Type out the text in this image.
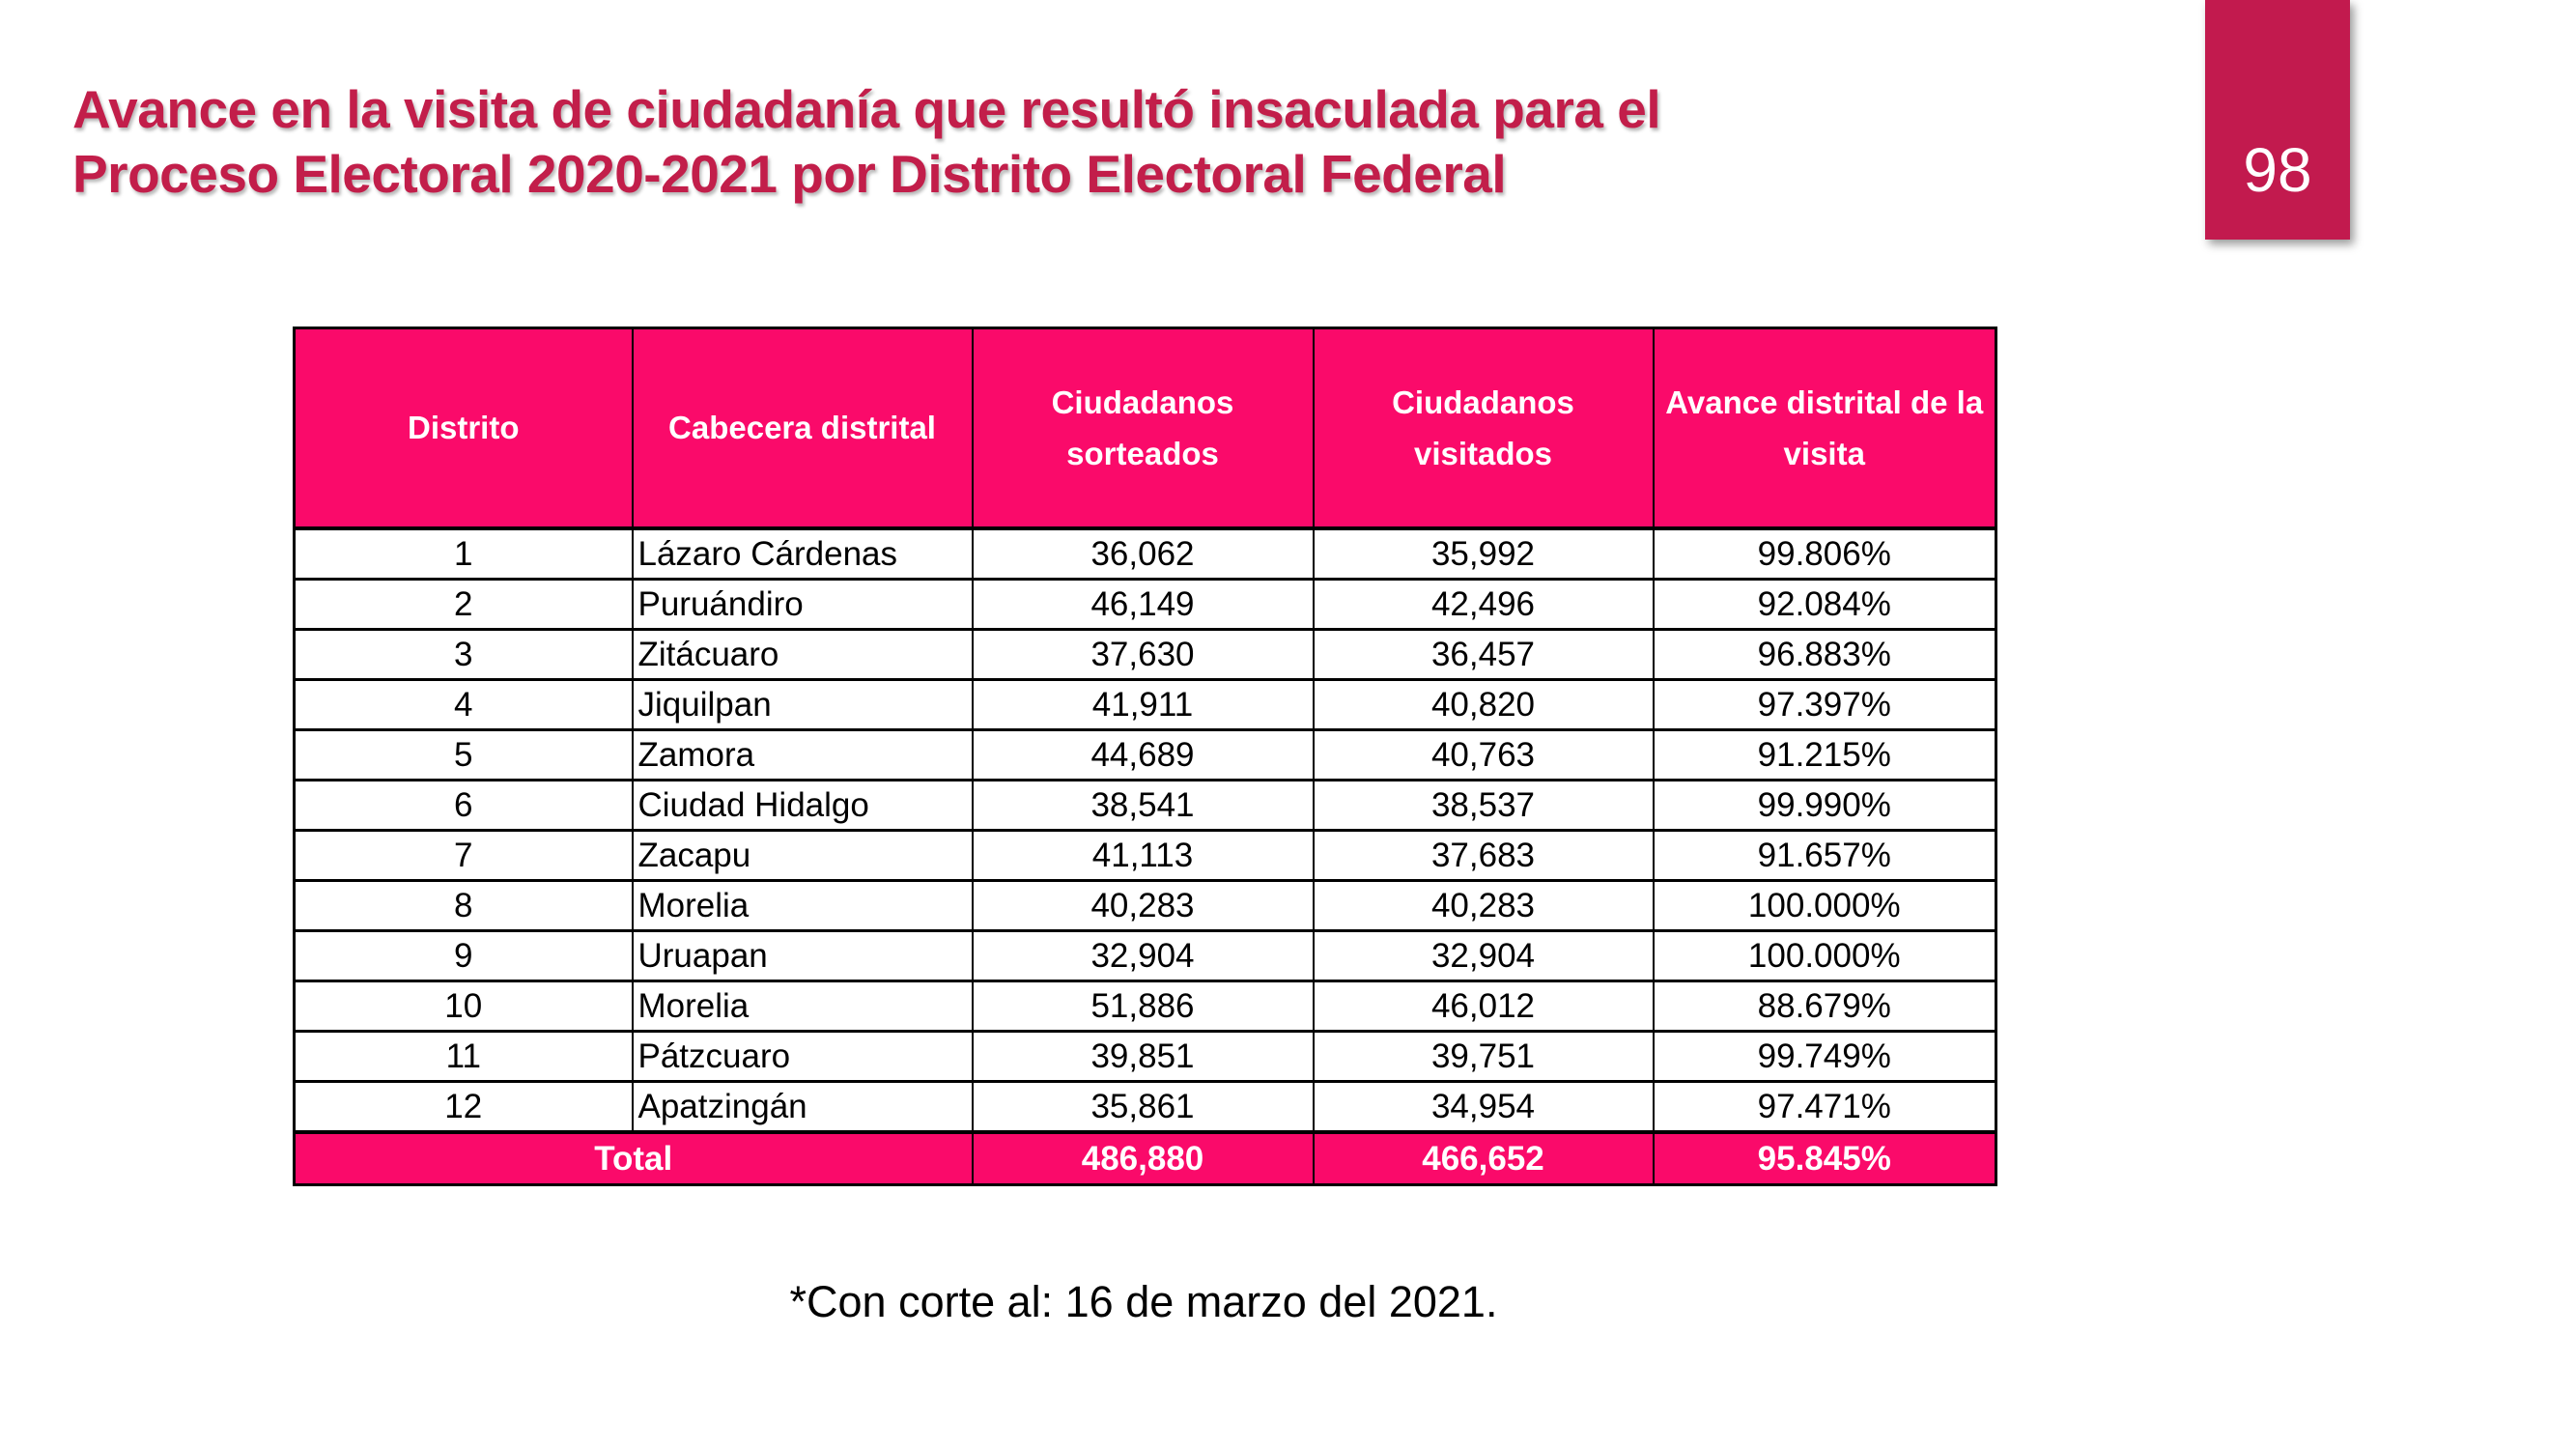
Avance en la visita de ciudadanía que resultó insaculada para el
Proceso Electoral 2020-2021 por Distrito Electoral Federal	98
Distrito	Cabecera distrital	Ciudadanos sorteados	Ciudadanos visitados	Avance distrital de la visita
1	Lázaro Cárdenas	36,062	35,992	99.806%
2	Puruándiro	46,149	42,496	92.084%
3	Zitácuaro	37,630	36,457	96.883%
4	Jiquilpan	41,911	40,820	97.397%
5	Zamora	44,689	40,763	91.215%
6	Ciudad Hidalgo	38,541	38,537	99.990%
7	Zacapu	41,113	37,683	91.657%
8	Morelia	40,283	40,283	100.000%
9	Uruapan	32,904	32,904	100.000%
10	Morelia	51,886	46,012	88.679%
11	Pátzcuaro	39,851	39,751	99.749%
12	Apatzingán	35,861	34,954	97.471%
Total		486,880	466,652	95.845%
*Con corte al: 16 de marzo del 2021.
